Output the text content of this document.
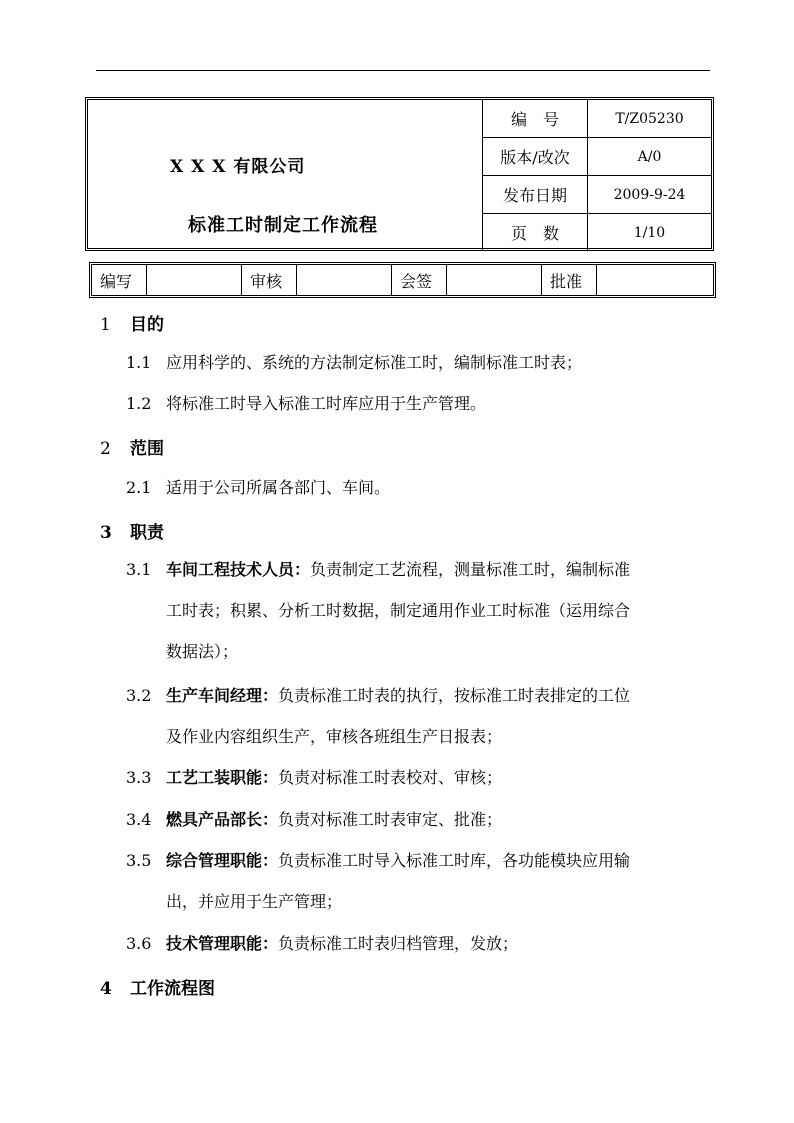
X X X 有限公司
标准工时制定工作流程
编　号	T/Z05230
版本/改次	A/0
发布日期	2009-9-24
页　数	1/10
编写		审核		会签		批准	
1 目的
1.1 应用科学的、系统的方法制定标准工时，编制标准工时表；
1.2 将标准工时导入标准工时库应用于生产管理。
2 范围
2.1 适用于公司所属各部门、车间。
3 职责
3.1 车间工程技术人员：负责制定工艺流程，测量标准工时，编制标准
工时表；积累、分析工时数据，制定通用作业工时标准（运用综合
数据法）；
3.2 生产车间经理：负责标准工时表的执行，按标准工时表排定的工位
及作业内容组织生产，审核各班组生产日报表；
3.3 工艺工装职能：负责对标准工时表校对、审核；
3.4 燃具产品部长：负责对标准工时表审定、批准；
3.5 综合管理职能：负责标准工时导入标准工时库，各功能模块应用输
出，并应用于生产管理；
3.6 技术管理职能：负责标准工时表归档管理，发放；
4 工作流程图
